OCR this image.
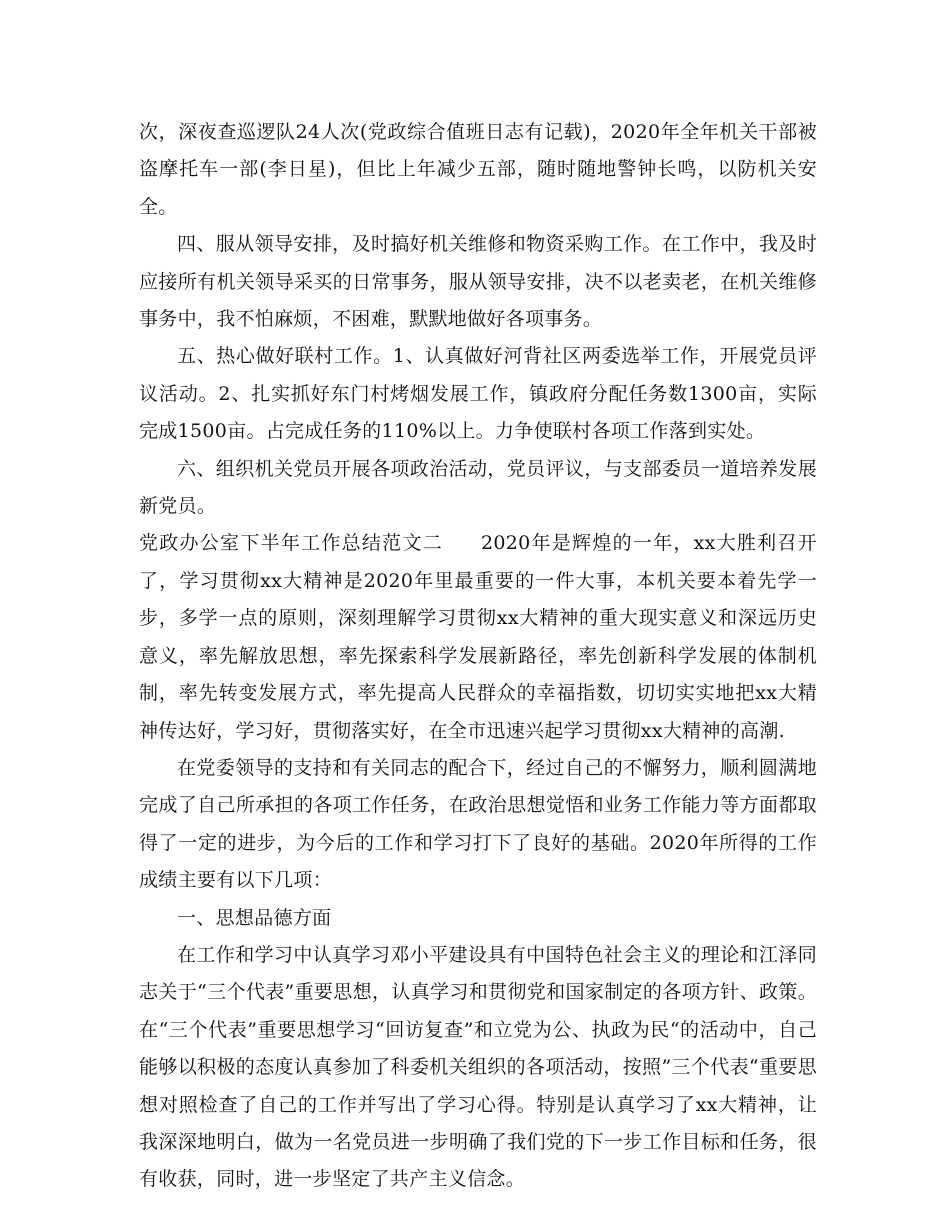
次，深夜查巡逻队24人次(党政综合值班日志有记载)，2020年全年机关干部被盗摩托车一部(李日星)，但比上年减少五部，随时随地警钟长鸣，以防机关安全。

四、服从领导安排，及时搞好机关维修和物资采购工作。在工作中，我及时应接所有机关领导采买的日常事务，服从领导安排，决不以老卖老，在机关维修事务中，我不怕麻烦，不困难，默默地做好各项事务。

五、热心做好联村工作。1、认真做好河背社区两委选举工作，开展党员评议活动。2、扎实抓好东门村烤烟发展工作，镇政府分配任务数1300亩，实际完成1500亩。占完成任务的110%以上。力争使联村各项工作落到实处。

六、组织机关党员开展各项政治活动，党员评议，与支部委员一道培养发展新党员。

党政办公室下半年工作总结范文二 2020年是辉煌的一年，xx大胜利召开了，学习贯彻xx大精神是2020年里最重要的一件大事，本机关要本着先学一步，多学一点的原则，深刻理解学习贯彻xx大精神的重大现实意义和深远历史意义，率先解放思想，率先探索科学发展新路径，率先创新科学发展的体制机制，率先转变发展方式，率先提高人民群众的幸福指数，切切实实地把xx大精神传达好，学习好，贯彻落实好，在全市迅速兴起学习贯彻xx大精神的高潮.

在党委领导的支持和有关同志的配合下，经过自己的不懈努力，顺利圆满地完成了自己所承担的各项工作任务，在政治思想觉悟和业务工作能力等方面都取得了一定的进步，为今后的工作和学习打下了良好的基础。2020年所得的工作成绩主要有以下几项：

一、思想品德方面

在工作和学习中认真学习邓小平建设具有中国特色社会主义的理论和江泽同志关于“三个代表”重要思想，认真学习和贯彻党和国家制定的各项方针、政策。在“三个代表”重要思想学习“回访复查”和立党为公、执政为民“的活动中，自己能够以积极的态度认真参加了科委机关组织的各项活动，按照”三个代表“重要思想对照检查了自己的工作并写出了学习心得。特别是认真学习了xx大精神，让我深深地明白，做为一名党员进一步明确了我们党的下一步工作目标和任务，很有收获，同时，进一步坚定了共产主义信念。
